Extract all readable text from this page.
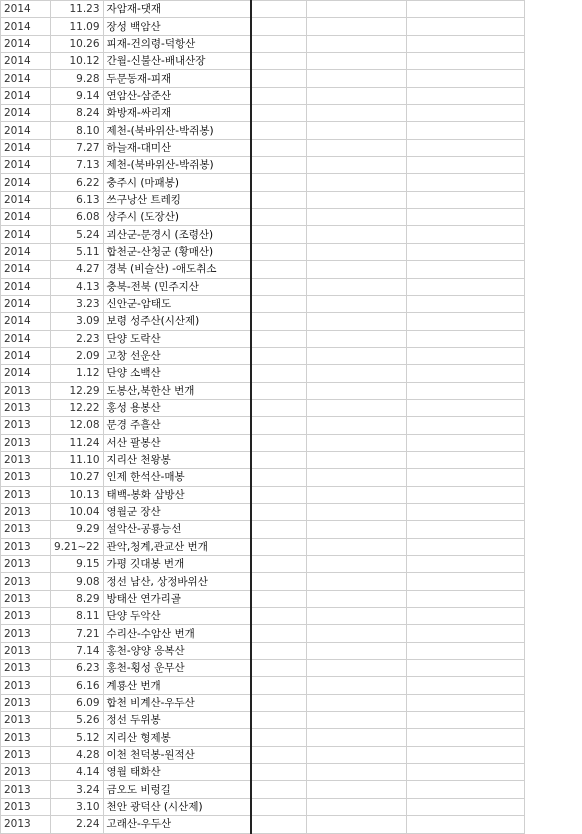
2014	11.23	자암재-댓재			
2014	11.09	장성 백암산			
2014	10.26	피재-건의령-덕항산			
2014	10.12	간월-신불산-배내산장			
2014	9.28	두문동재-피재			
2014	9.14	연암산-삼준산			
2014	8.24	화방재-싸리재			
2014	8.10	제천-(북바위산-박쥐봉)			
2014	7.27	하늘재-대미산			
2014	7.13	제천-(북바위산-박쥐봉)			
2014	6.22	충주시 (마패봉)			
2014	6.13	쓰구낭산 트레킹			
2014	6.08	상주시 (도장산)			
2014	5.24	괴산군-문경시 (조령산)			
2014	5.11	합천군-산청군 (황매산)			
2014	4.27	경북 (비슬산) -애도취소			
2014	4.13	충북-전북 (민주지산			
2014	3.23	신안군-암태도			
2014	3.09	보령 성주산(시산제)			
2014	2.23	단양 도락산			
2014	2.09	고창 선운산			
2014	1.12	단양 소백산			
2013	12.29	도봉산,북한산 번개			
2013	12.22	홍성 용봉산			
2013	12.08	문경 주흘산			
2013	11.24	서산 팔봉산			
2013	11.10	지리산 천왕봉			
2013	10.27	인제 한석산-매봉			
2013	10.13	태백-봉화 삼방산			
2013	10.04	영월군 장산			
2013	9.29	설악산-공룡능선			
2013	9.21~22	관악,청계,관교산 번개			
2013	9.15	가평 깃대봉 번개			
2013	9.08	정선 남산, 상정바위산			
2013	8.29	방태산 연가리골			
2013	8.11	단양 두악산			
2013	7.21	수리산-수암산 번개			
2013	7.14	홍천-양양 응복산			
2013	6.23	홍천-횡성 운무산			
2013	6.16	계룡산 번개			
2013	6.09	합천 비계산-우두산			
2013	5.26	정선 두위봉			
2013	5.12	지리산 형제봉			
2013	4.28	이천 천덕봉-원적산			
2013	4.14	영월 태화산			
2013	3.24	금오도 비렁길			
2013	3.10	천안 광덕산 (시산제)			
2013	2.24	고래산-우두산			
